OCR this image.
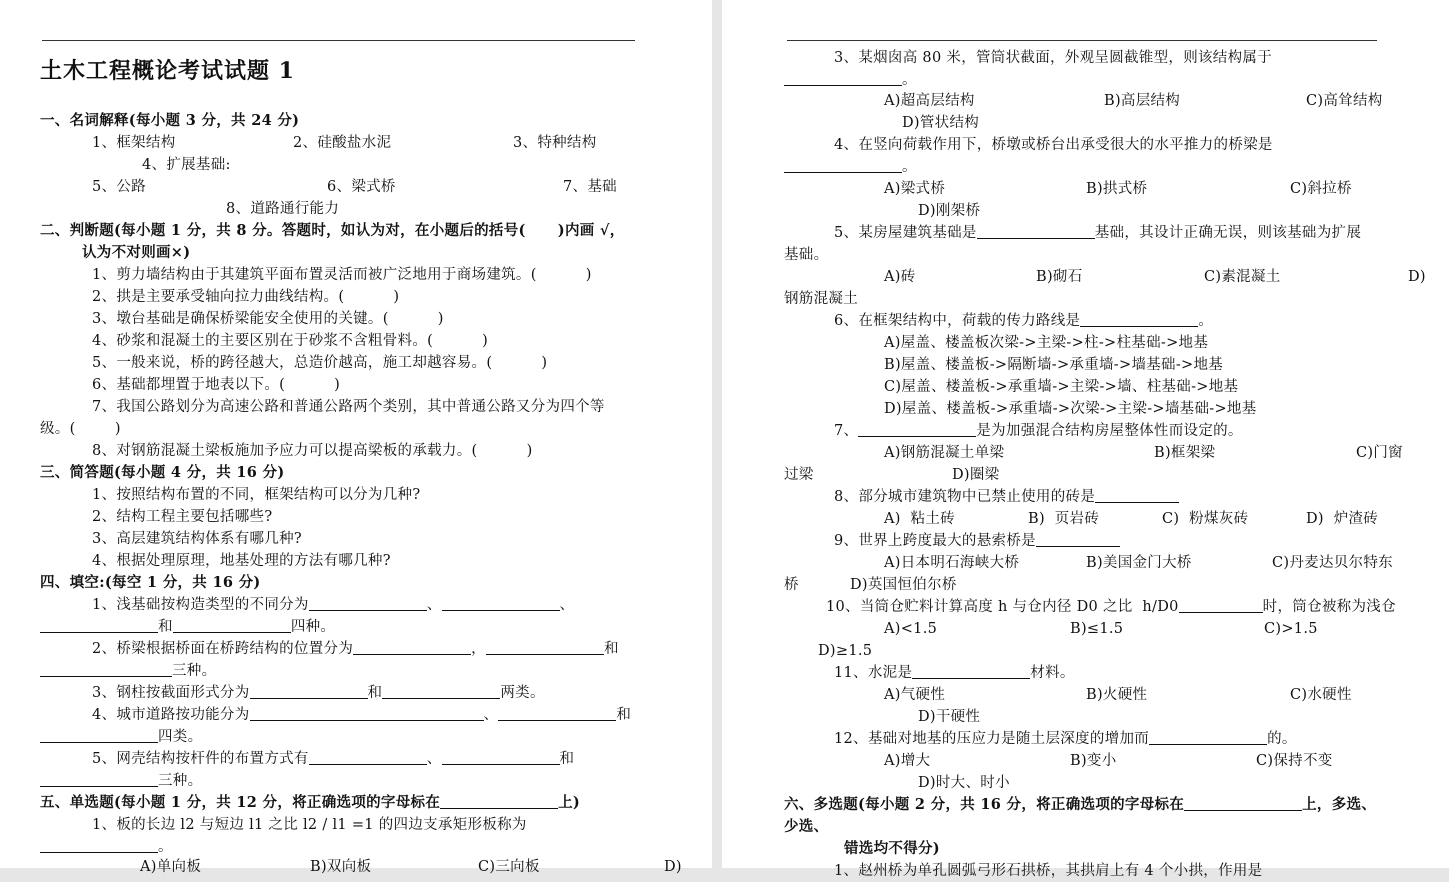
土木工程概论考试试题 1
一、名词解释(每小题 3 分，共 24 分)
1、框架结构	2、硅酸盐水泥	3、特种结构
4、扩展基础:
5、公路	6、梁式桥	7、基础
8、道路通行能力
二、判断题(每小题 1 分，共 8 分。答题时，如认为对，在小题后的括号(      )内画 √，
认为不对则画×)
1、剪力墙结构由于其建筑平面布置灵活而被广泛地用于商场建筑。(          )
2、拱是主要承受轴向拉力曲线结构。(          )
3、墩台基础是确保桥梁能安全使用的关键。(          )
4、砂浆和混凝土的主要区别在于砂浆不含粗骨料。(          )
5、一般来说，桥的跨径越大，总造价越高，施工却越容易。(          )
6、基础都埋置于地表以下。(          )
7、我国公路划分为高速公路和普通公路两个类别，其中普通公路又分为四个等
级。(        )
8、对钢筋混凝土梁板施加予应力可以提高梁板的承载力。(          )
三、简答题(每小题 4 分，共 16 分)
1、按照结构布置的不同，框架结构可以分为几种?
2、结构工程主要包括哪些?
3、高层建筑结构体系有哪几种?
4、根据处理原理，地基处理的方法有哪几种?
四、填空:(每空 1 分，共 16 分)
1、浅基础按构造类型的不同分为	、	、
和	四种。
2、桥梁根据桥面在桥跨结构的位置分为	，	和
三种。
3、钢柱按截面形式分为	和	两类。
4、城市道路按功能分为	、	和
四类。
5、网壳结构按杆件的布置方式有	、	和
三种。
五、单选题(每小题 1 分，共 12 分，将正确选项的字母标在	上)
1、板的长边 l2 与短边 l1 之比 l2 / l1 =1 的四边支承矩形板称为
。
A)单向板	B)双向板	C)三向板	D)
3、某烟囱高 80 米，管筒状截面，外观呈圆截锥型，则该结构属于
。
A)超高层结构	B)高层结构	C)高耸结构
D)管状结构
4、在竖向荷载作用下，桥墩或桥台出承受很大的水平推力的桥梁是
。
A)梁式桥	B)拱式桥	C)斜拉桥
D)刚架桥
5、某房屋建筑基础是	基础，其设计正确无误，则该基础为扩展
基础。
A)砖	B)砌石	C)素混凝土	D)
钢筋混凝土
6、在框架结构中，荷载的传力路线是	。
A)屋盖、楼盖板次梁->主梁->柱->柱基础->地基
B)屋盖、楼盖板->隔断墙->承重墙->墙基础->地基
C)屋盖、楼盖板->承重墙->主梁->墙、柱基础->地基
D)屋盖、楼盖板->承重墙->次梁->主梁->墙基础->地基
7、	是为加强混合结构房屋整体性而设定的。
A)钢筋混凝土单梁	B)框架梁	C)门窗
过梁	D)圈梁
8、部分城市建筑物中已禁止使用的砖是
A)  粘土砖	B)  页岩砖	C)  粉煤灰砖	D)  炉渣砖
9、世界上跨度最大的悬索桥是
A)日本明石海峡大桥	B)美国金门大桥	C)丹麦达贝尔特东
桥	D)英国恒伯尔桥
10、当筒仓贮料计算高度 h 与仓内径 D0 之比  h/D0	时，筒仓被称为浅仓
A)<1.5	B)≤1.5	C)>1.5
D)≥1.5
11、水泥是	材料。
A)气硬性	B)火硬性	C)水硬性
D)干硬性
12、基础对地基的压应力是随土层深度的增加而	的。
A)增大	B)变小	C)保持不变
D)时大、时小
六、多选题(每小题 2 分，共 16 分，将正确选项的字母标在	上，多选、
少选、
错选均不得分)
1、赵州桥为单孔圆弧弓形石拱桥，其拱肩上有 4 个小拱，作用是
